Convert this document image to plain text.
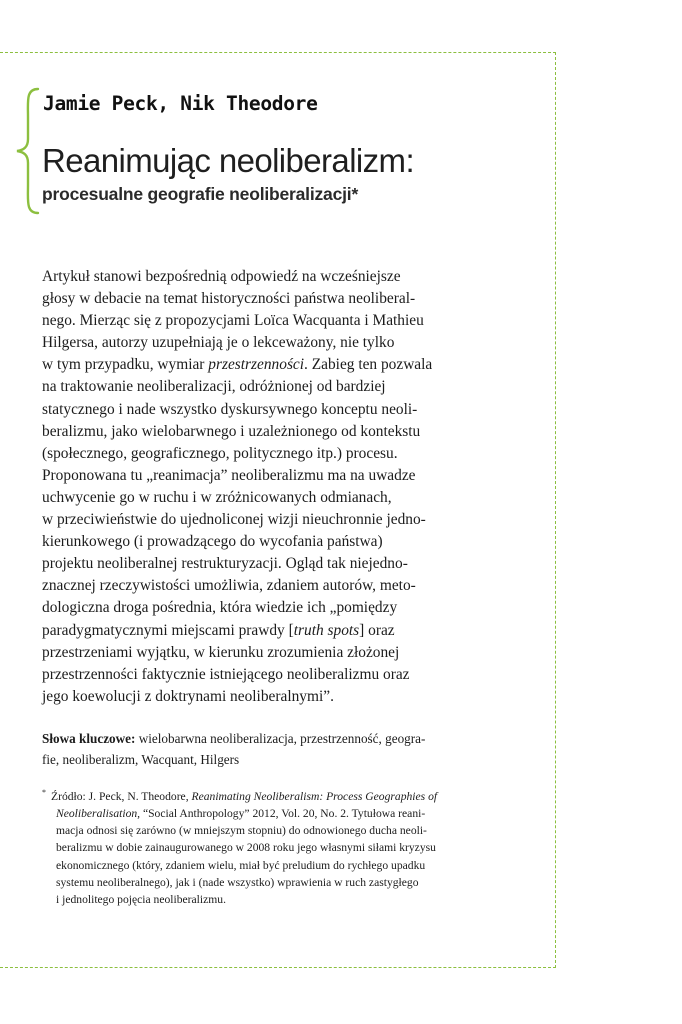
Jamie Peck, Nik Theodore
Reanimując neoliberalizm:
procesualne geografie neoliberalizacji*
Artykuł stanowi bezpośrednią odpowiedź na wcześniejsze
głosy w debacie na temat historyczności państwa neoliberal-
nego. Mierząc się z propozycjami Loïca Wacquanta i Mathieu
Hilgersa, autorzy uzupełniają je o lekceważony, nie tylko
w tym przypadku, wymiar przestrzenności. Zabieg ten pozwala
na traktowanie neoliberalizacji, odróżnionej od bardziej
statycznego i nade wszystko dyskursywnego konceptu neoli-
beralizmu, jako wielobarwnego i uzależnionego od kontekstu
(społecznego, geograficznego, politycznego itp.) procesu.
Proponowana tu „reanimacja” neoliberalizmu ma na uwadze
uchwycenie go w ruchu i w zróżnicowanych odmianach,
w przeciwieństwie do ujednoliconej wizji nieuchronnie jedno-
kierunkowego (i prowadzącego do wycofania państwa)
projektu neoliberalnej restrukturyzacji. Ogląd tak niejedno-
znacznej rzeczywistości umożliwia, zdaniem autorów, meto-
dologiczna droga pośrednia, która wiedzie ich „pomiędzy
paradygmatycznymi miejscami prawdy [truth spots] oraz
przestrzeniami wyjątku, w kierunku zrozumienia złożonej
przestrzenności faktycznie istniejącego neoliberalizmu oraz
jego koewolucji z doktrynami neoliberalnymi”.
Słowa kluczowe: wielobarwna neoliberalizacja, przestrzenność, geogra-
fie, neoliberalizm, Wacquant, Hilgers
* Źródło: J. Peck, N. Theodore, Reanimating Neoliberalism: Process Geographies of
Neoliberalisation, “Social Anthropology” 2012, Vol. 20, No. 2. Tytułowa reani-
macja odnosi się zarówno (w mniejszym stopniu) do odnowionego ducha neoli-
beralizmu w dobie zainaugurowanego w 2008 roku jego własnymi siłami kryzysu
ekonomicznego (który, zdaniem wielu, miał być preludium do rychłego upadku
systemu neoliberalnego), jak i (nade wszystko) wprawienia w ruch zastygłego
i jednolitego pojęcia neoliberalizmu.
